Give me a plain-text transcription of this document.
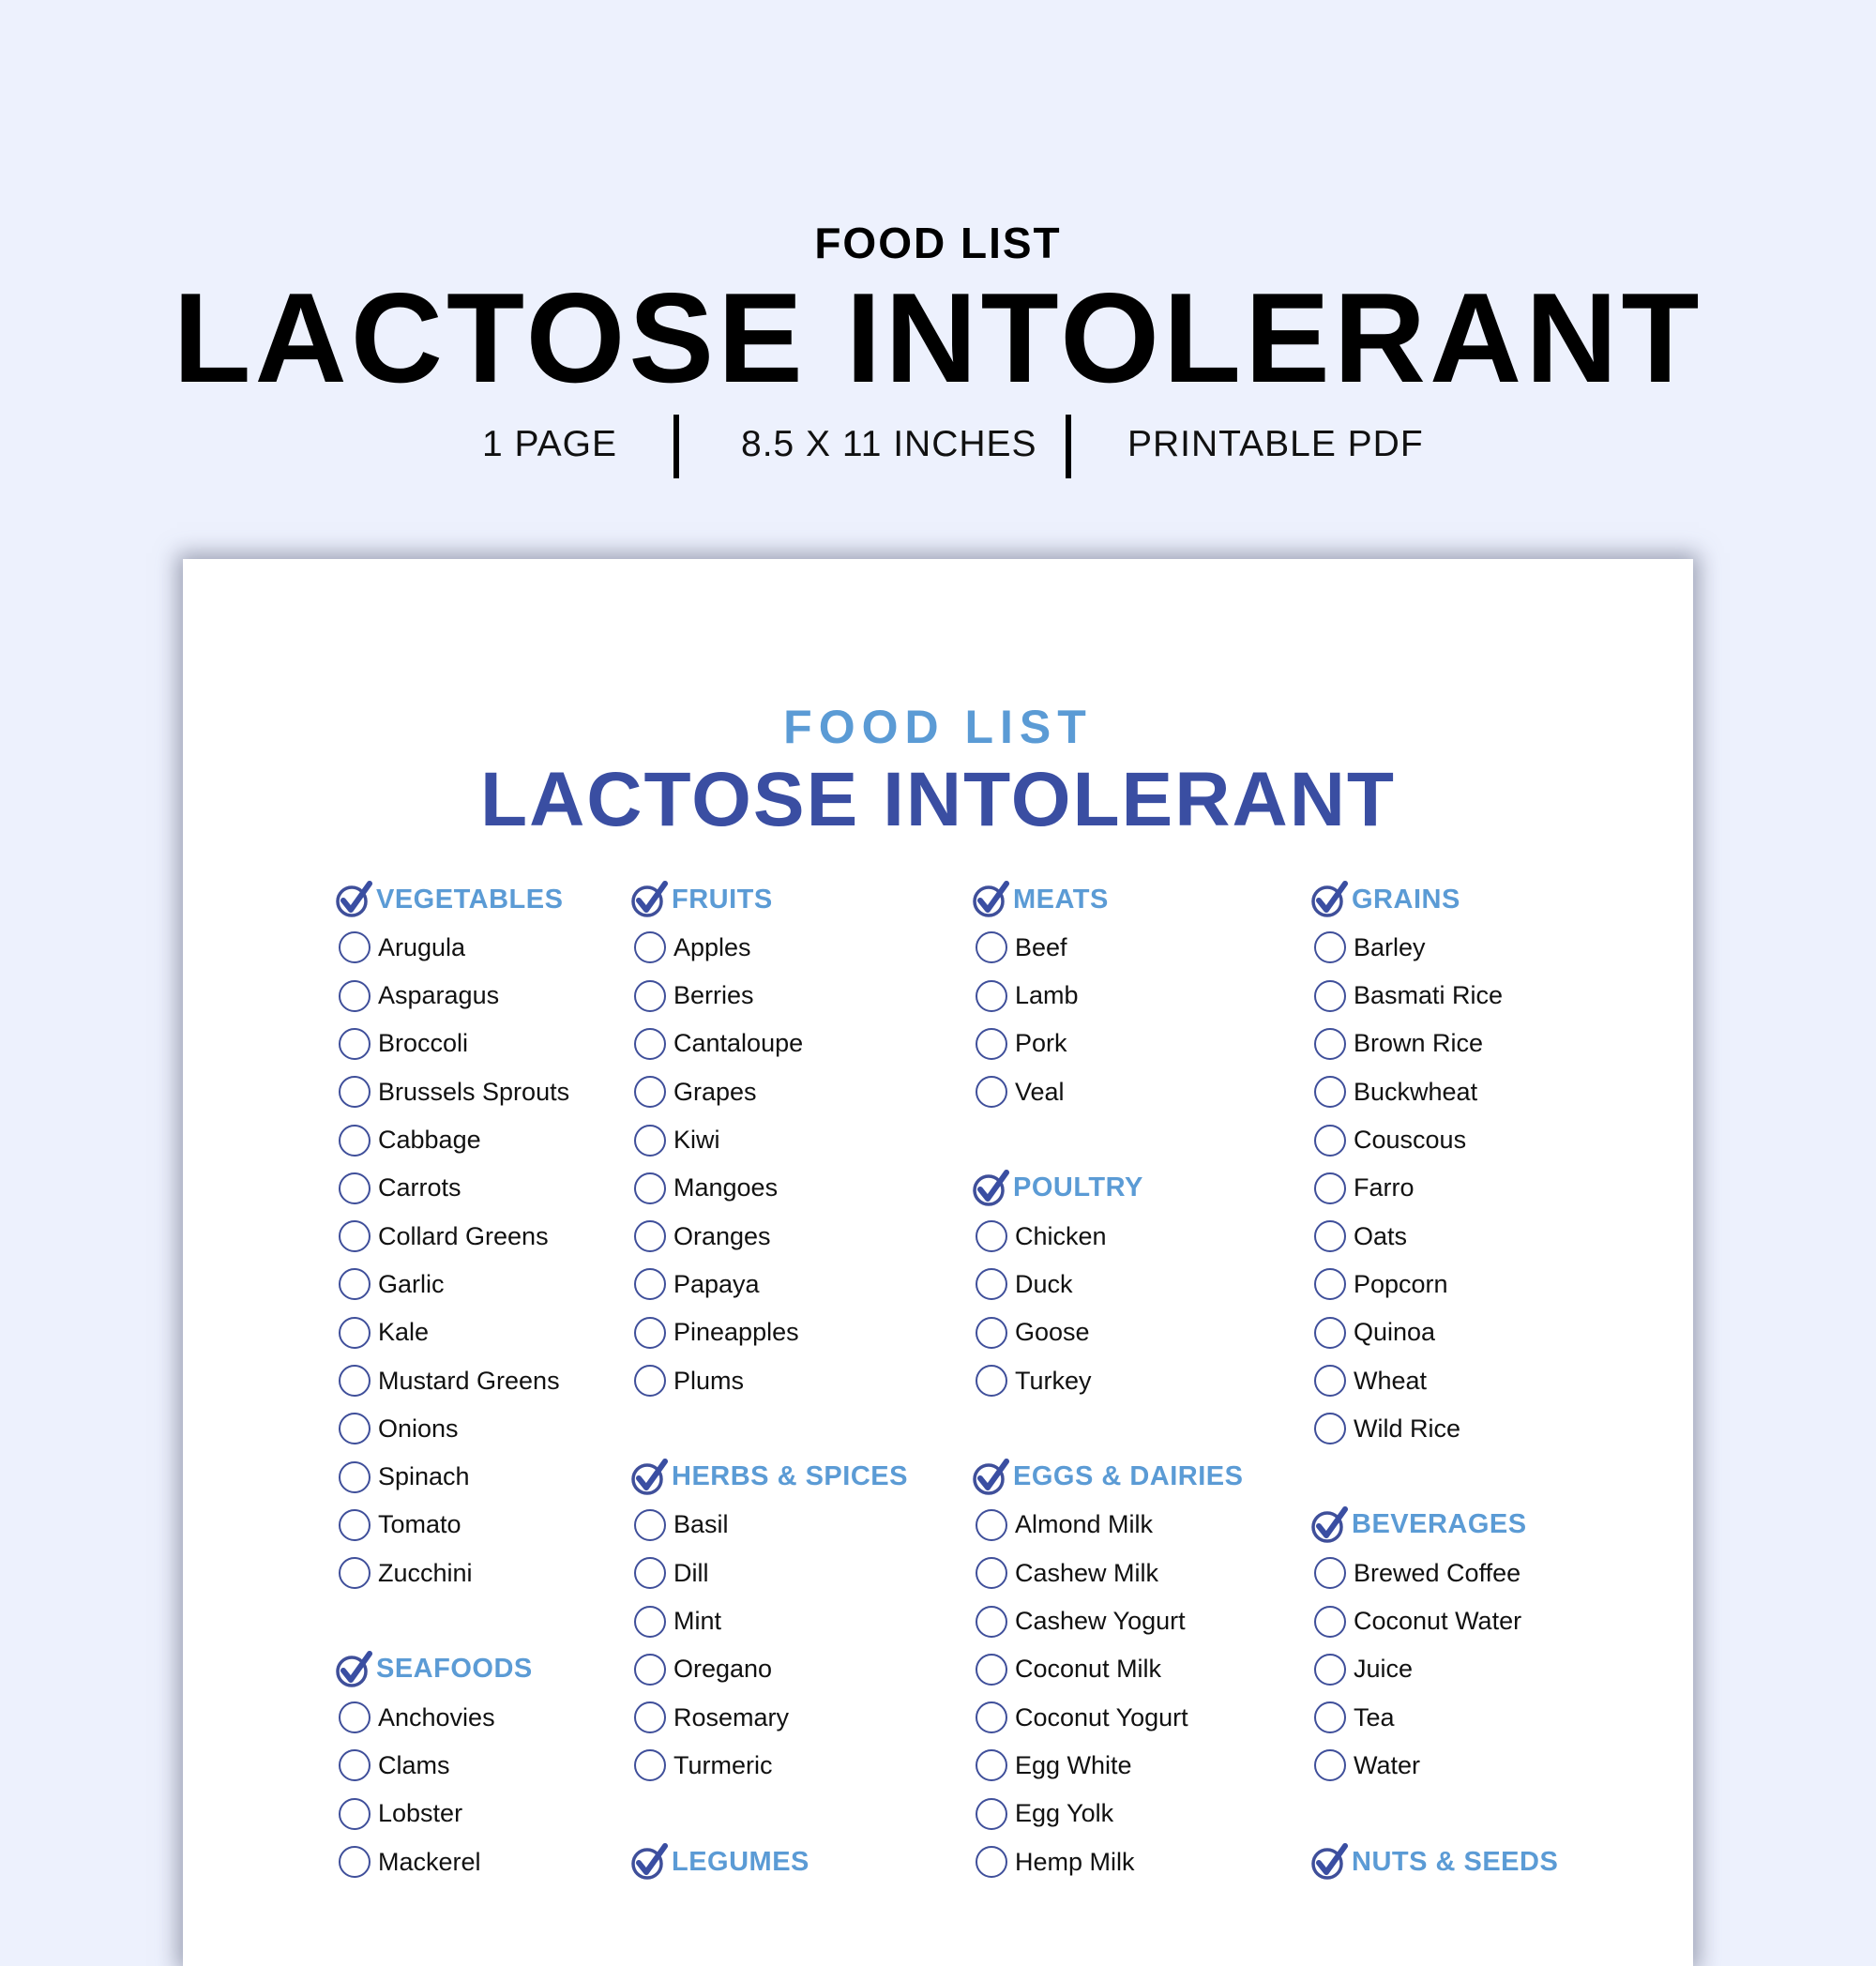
FOOD LIST
LACTOSE INTOLERANT
1 PAGE	8.5 X 11 INCHES PRINTABLE PDF
FOOD LIST
LACTOSE INTOLERANT
VEGETABLES
Arugula
Asparagus
Broccoli
Brussels Sprouts
Cabbage
Carrots
Collard Greens
Garlic
Kale
Mustard Greens
Onions
Spinach
Tomato
Zucchini
SEAFOODS
Anchovies
Clams
Lobster
Mackerel
FRUITS
Apples
Berries
Cantaloupe
Grapes
Kiwi
Mangoes
Oranges
Papaya
Pineapples
Plums
HERBS & SPICES
Basil
Dill
Mint
Oregano
Rosemary
Turmeric
LEGUMES
MEATS
Beef
Lamb
Pork
Veal
POULTRY
Chicken
Duck
Goose
Turkey
EGGS & DAIRIES
Almond Milk
Cashew Milk
Cashew Yogurt
Coconut Milk
Coconut Yogurt
Egg White
Egg Yolk
Hemp Milk
GRAINS
Barley
Basmati Rice
Brown Rice
Buckwheat
Couscous
Farro
Oats
Popcorn
Quinoa
Wheat
Wild Rice
BEVERAGES
Brewed Coffee
Coconut Water
Juice
Tea
Water
NUTS & SEEDS
